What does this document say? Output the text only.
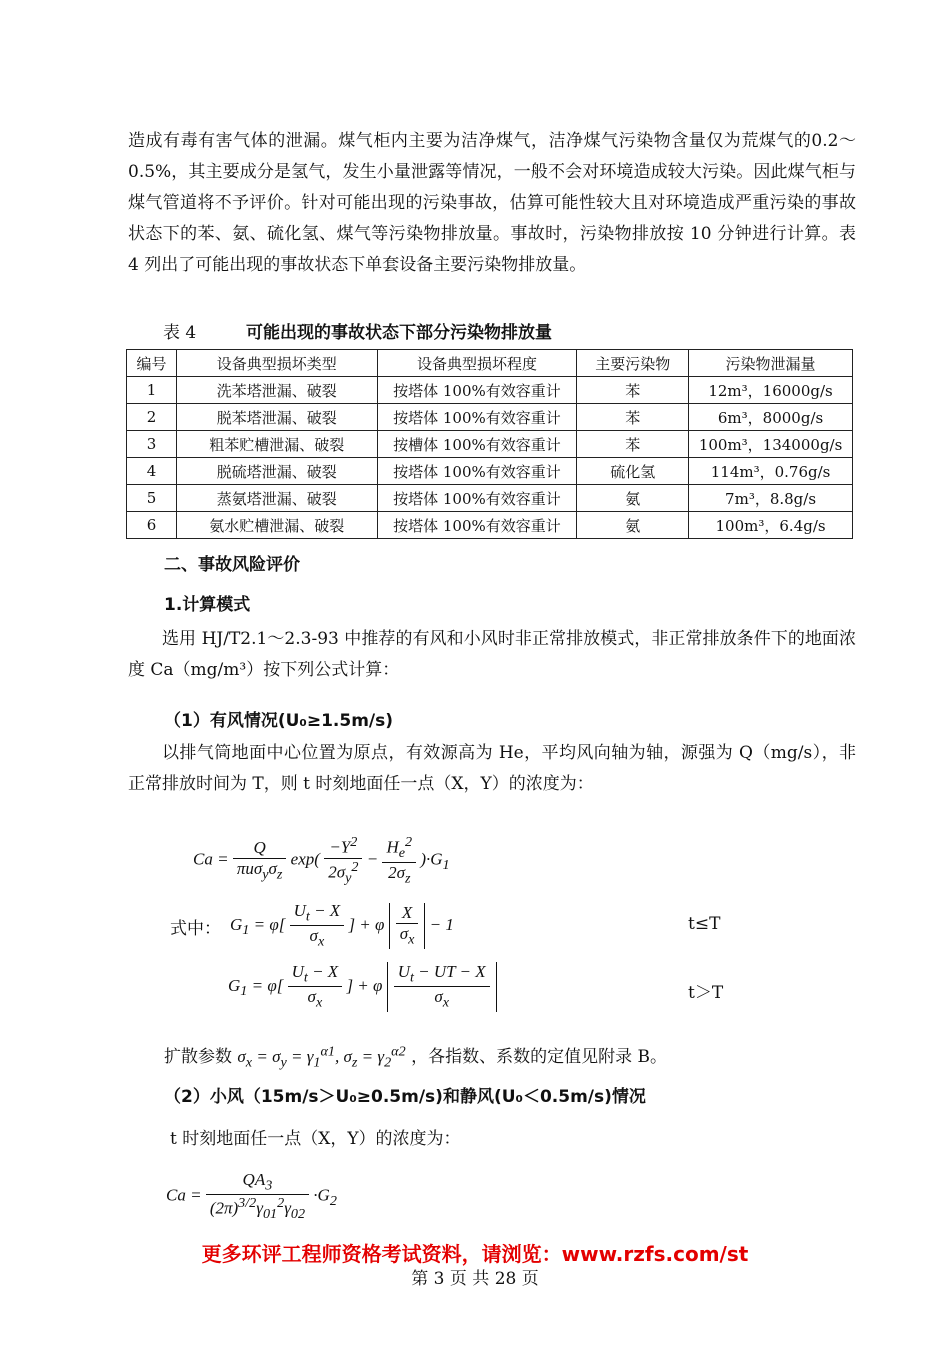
造成有毒有害气体的泄漏。煤气柜内主要为洁净煤气，洁净煤气污染物含量仅为荒煤气的0.2～0.5%，其主要成分是氢气，发生小量泄露等情况，一般不会对环境造成较大污染。因此煤气柜与煤气管道将不予评价。针对可能出现的污染事故，估算可能性较大且对环境造成严重污染的事故状态下的苯、氨、硫化氢、煤气等污染物排放量。事故时，污染物排放按 10 分钟进行计算。表 4 列出了可能出现的事故状态下单套设备主要污染物排放量。

表 4	可能出现的事故状态下部分污染物排放量
编号	设备典型损坏类型	设备典型损坏程度	主要污染物	污染物泄漏量
1	洗苯塔泄漏、破裂	按塔体 100%有效容重计	苯	12m³，16000g/s
2	脱苯塔泄漏、破裂	按塔体 100%有效容重计	苯	6m³，8000g/s
3	粗苯贮槽泄漏、破裂	按槽体 100%有效容重计	苯	100m³，134000g/s
4	脱硫塔泄漏、破裂	按塔体 100%有效容重计	硫化氢	114m³，0.76g/s
5	蒸氨塔泄漏、破裂	按塔体 100%有效容重计	氨	7m³，8.8g/s
6	氨水贮槽泄漏、破裂	按塔体 100%有效容重计	氨	100m³，6.4g/s
二、事故风险评价
1.计算模式

选用 HJ/T2.1～2.3-93 中推荐的有风和小风时非正常排放模式，非正常排放条件下的地面浓度 Ca（mg/m³）按下列公式计算：

（1）有风情况(U₀≥1.5m/s)

以排气筒地面中心位置为原点，有效源高为 He，平均风向轴为轴，源强为 Q（mg/s），非正常排放时间为 T，则 t 时刻地面任一点（X，Y）的浓度为：

$Ca = \frac{Q}{\pi u\sigma_y\sigma_z} \exp( \frac{-Y^2}{2\sigma_y^2} - \frac{H_e^2}{2\sigma_z} )\cdot G_1$
式中： $G_1 = \varphi[ \frac{U_t - X}{\sigma_x}$ ] + φ $\frac{X}{\sigma_x} - 1$	t≤T
$G_1 = \varphi[ \frac{U_t - X}{\sigma_x}$ ] + φ $\frac{U_t - UT - X}{\sigma_x}$	t＞T
扩散参数 $\sigma_x = \sigma_y = \gamma_1^{\alpha 1}$, $\sigma_z = \gamma_2^{\alpha 2}$ ，各指数、系数的定值见附录 B。
（2）小风（15m/s＞U₀≥0.5m/s)和静风(U₀＜0.5m/s)情况
t 时刻地面任一点（X，Y）的浓度为：
$Ca = \frac{QA_3}{(2\pi)^{3/2}\gamma_{01}^2\gamma_{02}} \cdot G_2$
更多环评工程师资格考试资料，请浏览：www.rzfs.com/st
第 3 页 共 28 页
